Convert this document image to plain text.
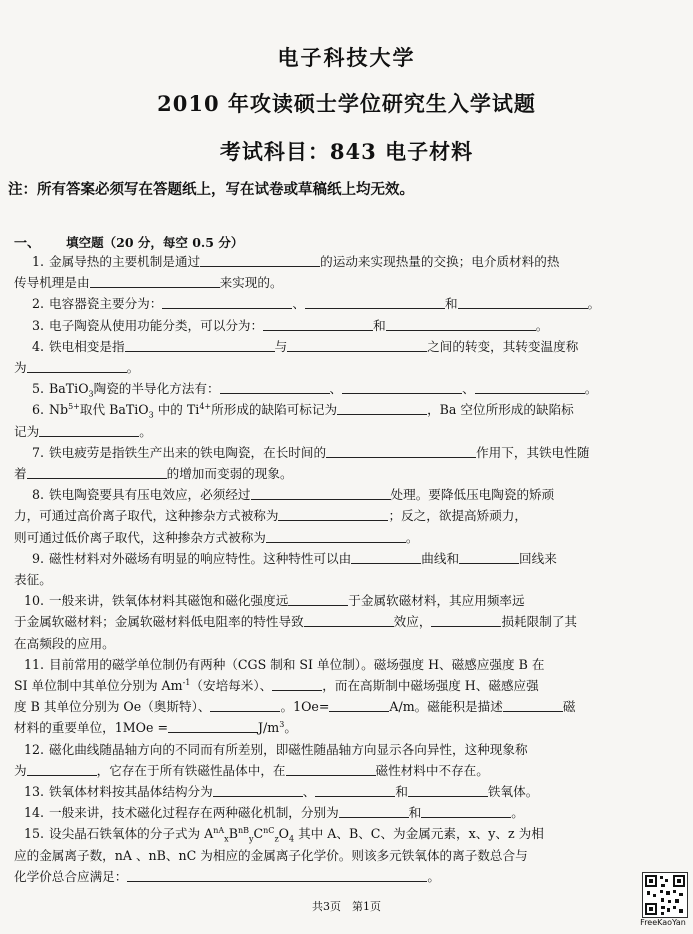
电子科技大学
2010 年攻读硕士学位研究生入学试题
考试科目：843 电子材料
注：所有答案必须写在答题纸上，写在试卷或草稿纸上均无效。
一、 填空题（20 分，每空 0.5 分）

1. 金属导热的主要机制是通过	的运动来实现热量的交换；电介质材料的热
传导机理是由	来实现的。

2. 电容器瓷主要分为：	、	和	。

3. 电子陶瓷从使用功能分类，可以分为：	和	。

4. 铁电相变是指	与	之间的转变，其转变温度称
为	。

5. BaTiO$_3$陶瓷的半导化方法有：	、	、	。

6. $Nb^{5+}$取代 BaTiO$_3$ 中的 $Ti^{4+}$所形成的缺陷可标记为	，Ba 空位所形成的缺陷标
记为	。

7. 铁电疲劳是指铁生产出来的铁电陶瓷，在长时间的	作用下，其铁电性随
着	的增加而变弱的现象。

8. 铁电陶瓷要具有压电效应，必须经过	处理。要降低压电陶瓷的矫顽
力，可通过高价离子取代，这种掺杂方式被称为	；反之，欲提高矫顽力，
则可通过低价离子取代，这种掺杂方式被称为	。

9. 磁性材料对外磁场有明显的响应特性。这种特性可以由	曲线和	回线来
表征。

10. 一般来讲，铁氧体材料其磁饱和磁化强度远	于金属软磁材料，其应用频率远
于金属软磁材料；金属软磁材料低电阻率的特性导致	效应，	损耗限制了其
在高频段的应用。

11. 目前常用的磁学单位制仍有两种（CGS 制和 SI 单位制）。磁场强度 H、磁感应强度 B 在
SI 单位制中其单位分别为 $Am^{-1}$（安培每米）、	，而在高斯制中磁场强度 H、磁感应强
度 B 其单位分别为 Oe（奥斯特）、	。1Oe=	A/m。磁能积是描述	磁
材料的重要单位，1MOe =	$J/m^3$。

12. 磁化曲线随晶轴方向的不同而有所差别，即磁性随晶轴方向显示各向异性，这种现象称
为	，它存在于所有铁磁性晶体中，在	磁性材料中不存在。

13. 铁氧体材料按其晶体结构分为	、	和	铁氧体。

14. 一般来讲，技术磁化过程存在两种磁化机制，分别为	和	。

15. 设尖晶石铁氧体的分子式为 $A^{nA}_xB^{nB}_yC^{nC}_zO_4$ 其中 A、B、C、为金属元素，x、y、z 为相
应的金属离子数，nA 、nB、nC 为相应的金属离子化学价。则该多元铁氧体的离子数总合与
化学价总合应满足：	。

共3页　第1页
FreeKaoYan
